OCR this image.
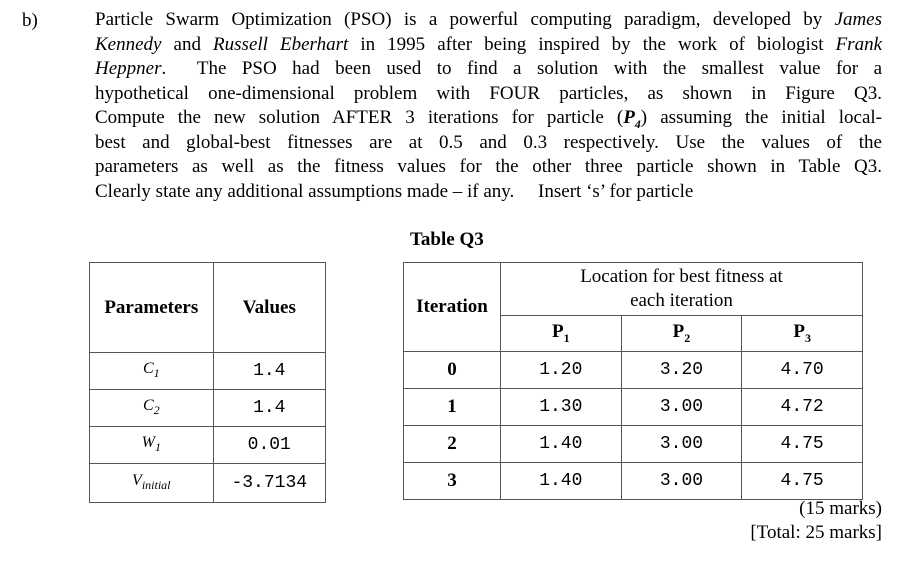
b)	Particle Swarm Optimization (PSO) is a powerful computing paradigm, developed by James
Kennedy and Russell Eberhart in 1995 after being inspired by the work of biologist Frank
Heppner.  The PSO had been used to find a solution with the smallest value for a
hypothetical one-dimensional problem with FOUR particles, as shown in Figure Q3.
Compute the new solution AFTER 3 iterations for particle $(P_4)$ assuming the initial local-
best and global-best fitnesses are at 0.5 and 0.3 respectively. Use the values of the
parameters as well as the fitness values for the other three particle shown in Table Q3.
Clearly state any additional assumptions made – if any.     Insert ‘s’ for particle
Table Q3
Parameters	Values
$C_1$	1.4
$C_2$	1.4
$W_1$	0.01
$V_{initial}$	-3.7134
Iteration	Location for best fitness at
each iteration		
	$P_1$	$P_2$	$P_3$
0	1.20	3.20	4.70
1	1.30	3.00	4.72
2	1.40	3.00	4.75
3	1.40	3.00	4.75
(15 marks)
[Total: 25 marks]
